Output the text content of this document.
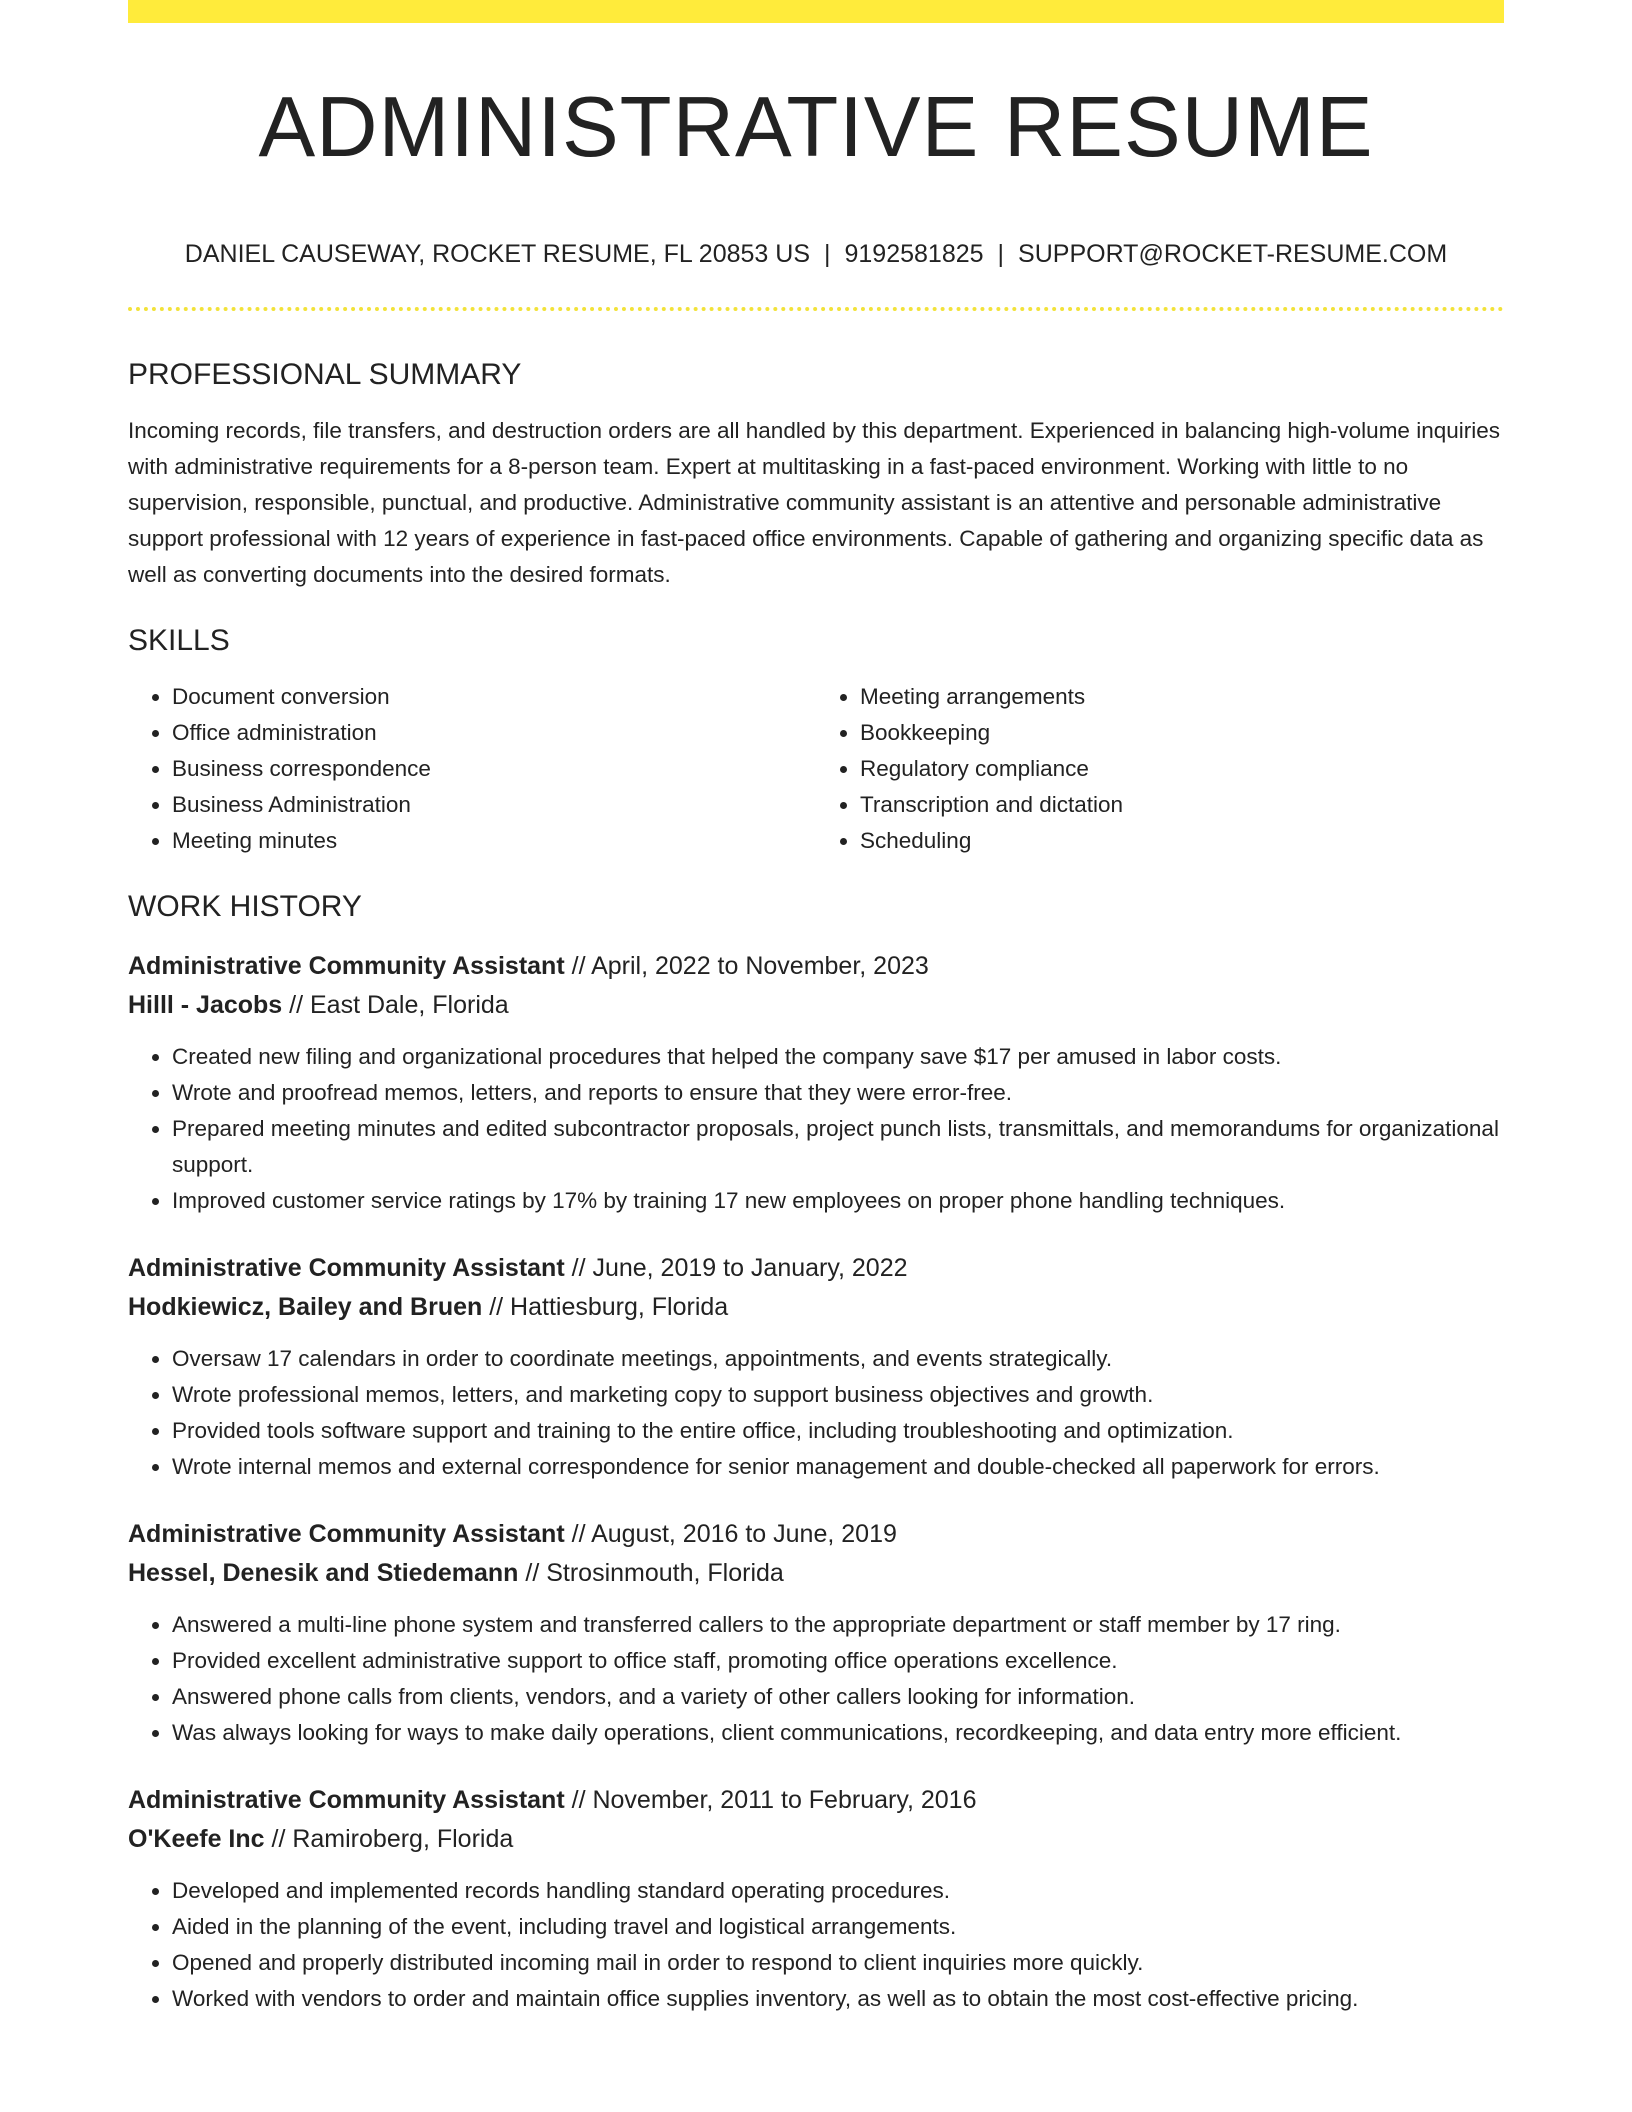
ADMINISTRATIVE RESUME
DANIEL CAUSEWAY, ROCKET RESUME, FL 20853 US | 9192581825 | SUPPORT@ROCKET-RESUME.COM
PROFESSIONAL SUMMARY

Incoming records, file transfers, and destruction orders are all handled by this department. Experienced in balancing high-volume inquiries with administrative requirements for a 8-person team. Expert at multitasking in a fast-paced environment. Working with little to no supervision, responsible, punctual, and productive. Administrative community assistant is an attentive and personable administrative support professional with 12 years of experience in fast-paced office environments. Capable of gathering and organizing specific data as well as converting documents into the desired formats.

SKILLS
• Document conversion
• Office administration
• Business correspondence
• Business Administration
• Meeting minutes
• Meeting arrangements
• Bookkeeping
• Regulatory compliance
• Transcription and dictation
• Scheduling
WORK HISTORY
Administrative Community Assistant // April, 2022 to November, 2023
Hilll - Jacobs // East Dale, Florida
• Created new filing and organizational procedures that helped the company save $17 per amused in labor costs.
• Wrote and proofread memos, letters, and reports to ensure that they were error-free.
• Prepared meeting minutes and edited subcontractor proposals, project punch lists, transmittals, and memorandums for organizational support.
• Improved customer service ratings by 17% by training 17 new employees on proper phone handling techniques.
Administrative Community Assistant // June, 2019 to January, 2022
Hodkiewicz, Bailey and Bruen // Hattiesburg, Florida
• Oversaw 17 calendars in order to coordinate meetings, appointments, and events strategically.
• Wrote professional memos, letters, and marketing copy to support business objectives and growth.
• Provided tools software support and training to the entire office, including troubleshooting and optimization.
• Wrote internal memos and external correspondence for senior management and double-checked all paperwork for errors.
Administrative Community Assistant // August, 2016 to June, 2019
Hessel, Denesik and Stiedemann // Strosinmouth, Florida
• Answered a multi-line phone system and transferred callers to the appropriate department or staff member by 17 ring.
• Provided excellent administrative support to office staff, promoting office operations excellence.
• Answered phone calls from clients, vendors, and a variety of other callers looking for information.
• Was always looking for ways to make daily operations, client communications, recordkeeping, and data entry more efficient.
Administrative Community Assistant // November, 2011 to February, 2016
O'Keefe Inc // Ramiroberg, Florida
• Developed and implemented records handling standard operating procedures.
• Aided in the planning of the event, including travel and logistical arrangements.
• Opened and properly distributed incoming mail in order to respond to client inquiries more quickly.
• Worked with vendors to order and maintain office supplies inventory, as well as to obtain the most cost-effective pricing.
